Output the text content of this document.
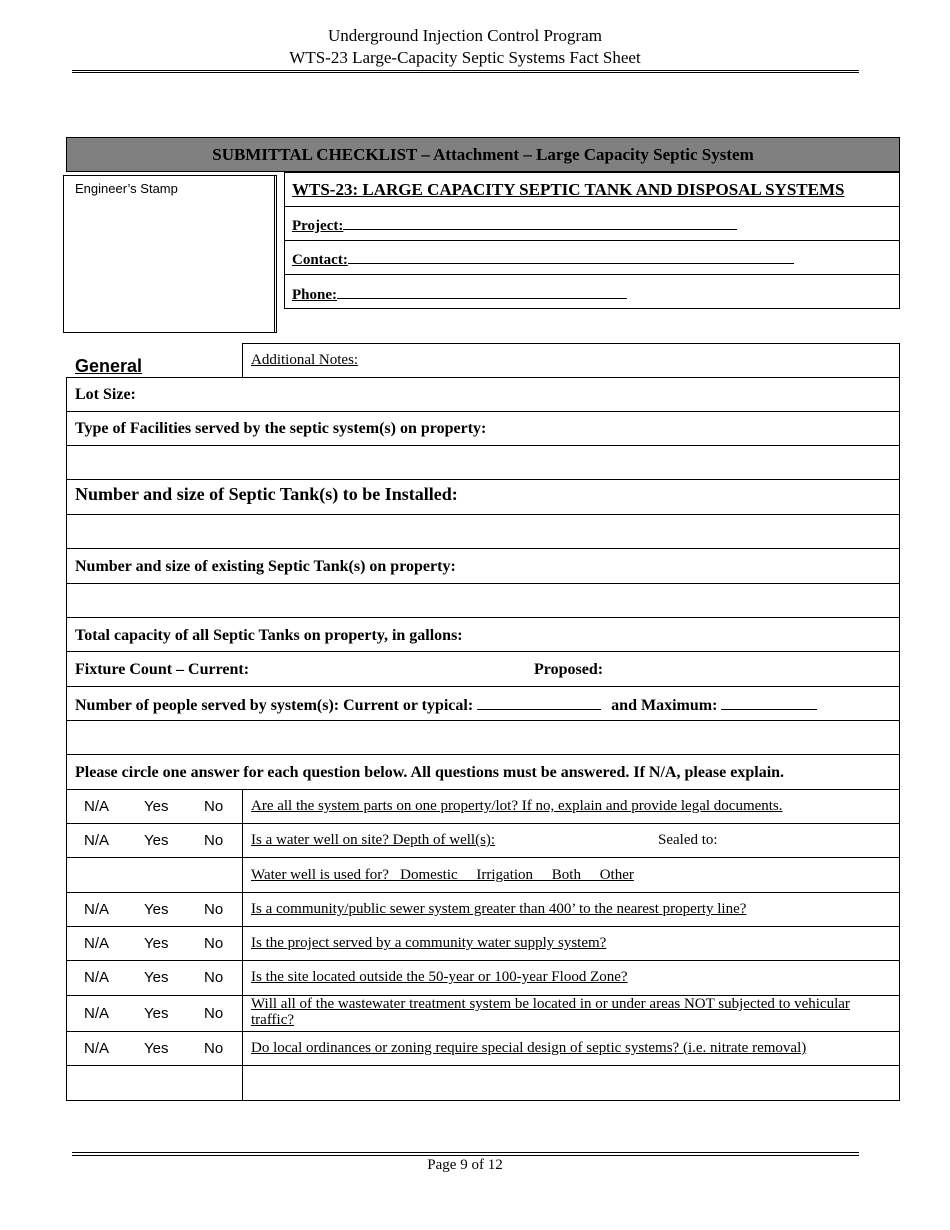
Underground Injection Control Program
WTS-23 Large-Capacity Septic Systems Fact Sheet
SUBMITTAL CHECKLIST – Attachment – Large Capacity Septic System
Engineer’s Stamp	WTS-23: LARGE CAPACITY SEPTIC TANK AND DISPOSAL SYSTEMS
Project:
Contact:
Phone:
General	Additional Notes:
Lot Size:
Type of Facilities served by the septic system(s) on property:
Number and size of Septic Tank(s) to be Installed:
Number and size of existing Septic Tank(s) on property:
Total capacity of all Septic Tanks on property, in gallons:
Fixture Count – Current:	Proposed:
Number of people served by system(s): Current or typical:	and Maximum:
Please circle one answer for each question below. All questions must be answered. If N/A, please explain.
N/A Yes No Are all the system parts on one property/lot? If no, explain and provide legal documents.
N/A Yes No Is a water well on site? Depth of well(s):	Sealed to:
Water well is used for?   Domestic     Irrigation     Both     Other
N/A Yes No Is a community/public sewer system greater than 400’ to the nearest property line?
N/A Yes No Is the project served by a community water supply system?
N/A Yes No Is the site located outside the 50-year or 100-year Flood Zone?
N/A Yes No
Will all of the wastewater treatment system be located in or under areas NOT subjected to vehicular traffic?
N/A Yes No Do local ordinances or zoning require special design of septic systems? (i.e. nitrate removal)
Page 9 of 12
